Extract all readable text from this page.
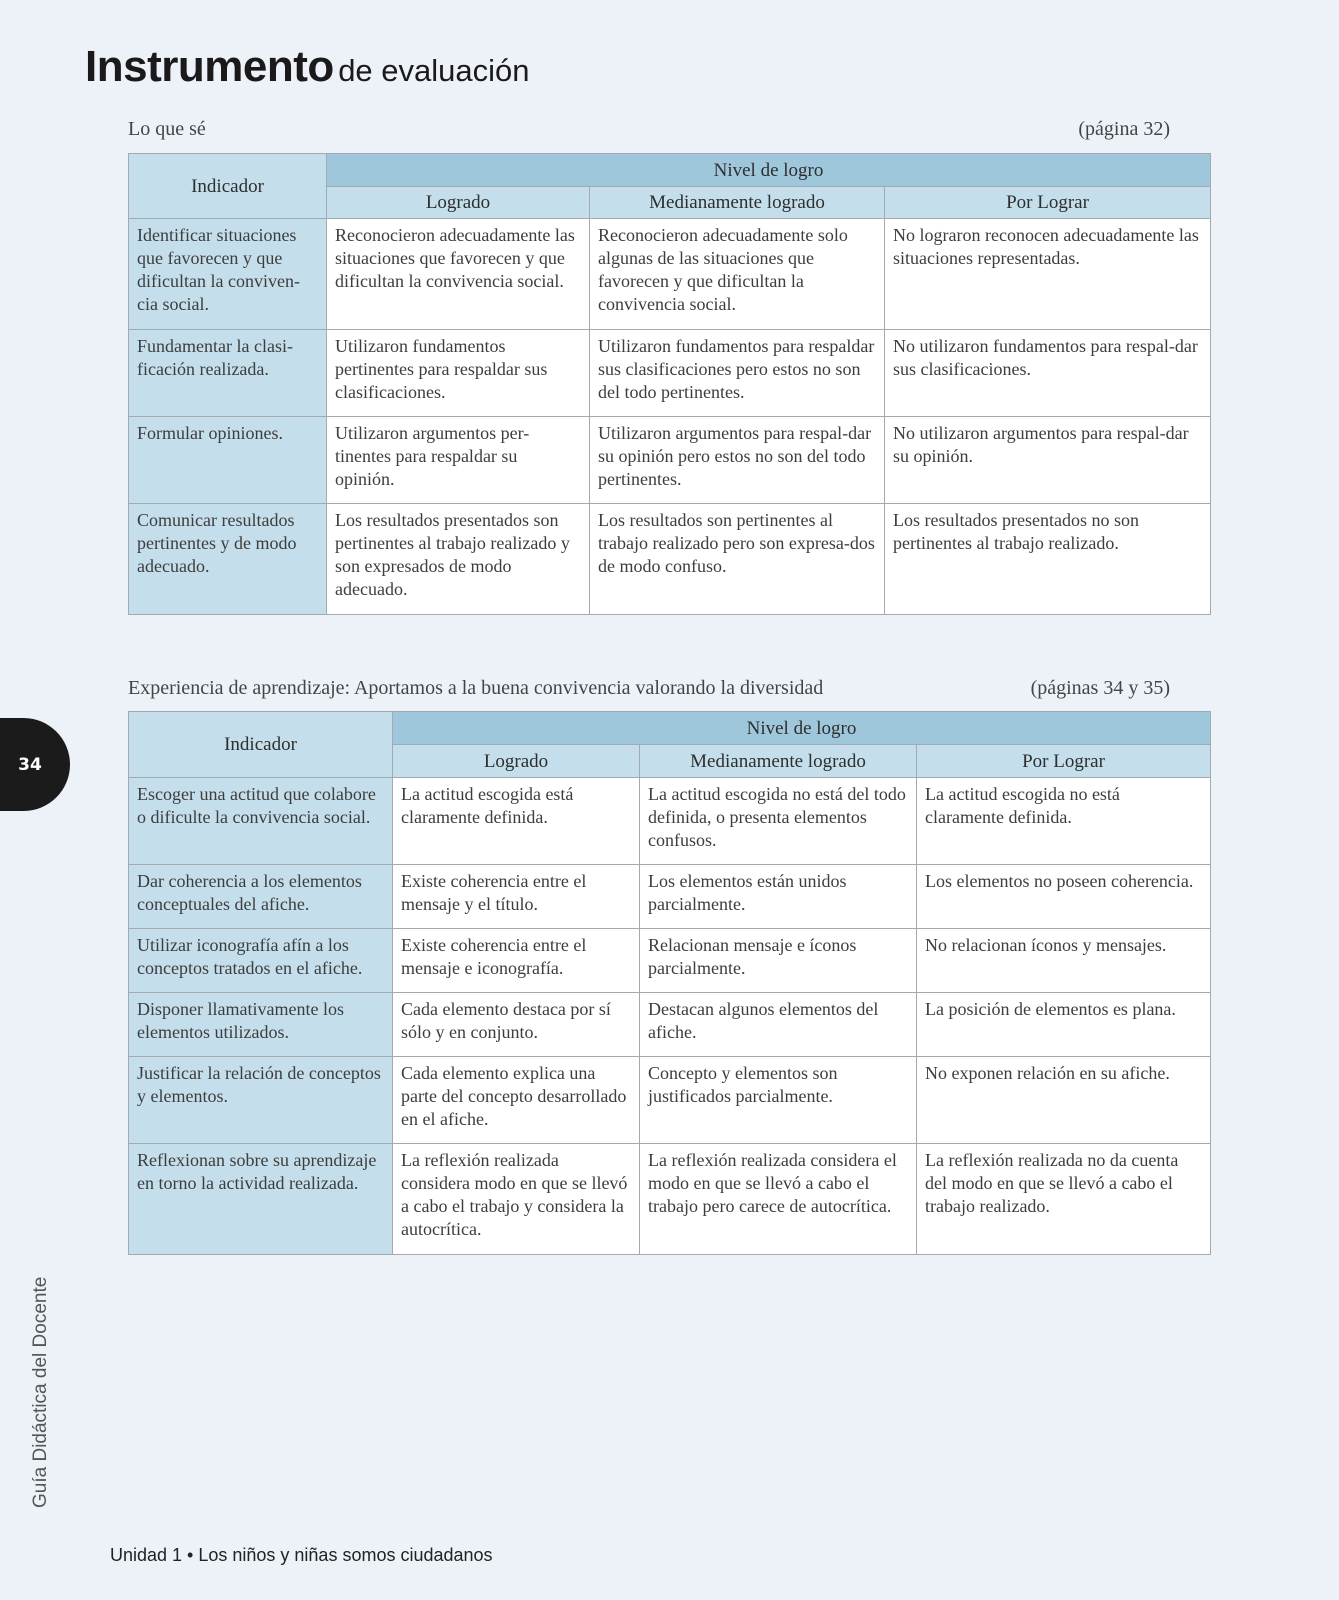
Instrumento de evaluación
Lo que sé	(página 32)
Indicador	Nivel de logro		
	Logrado	Medianamente logrado	Por Lograr
Identificar situaciones que favorecen y que dificultan la conviven-cia social.	Reconocieron adecuadamente las situaciones que favorecen y que dificultan la convivencia social.	Reconocieron adecuadamente solo algunas de las situaciones que favorecen y que dificultan la convivencia social.	No lograron reconocen adecuadamente las situaciones representadas.
Fundamentar la clasi-ficación realizada.	Utilizaron fundamentos pertinentes para respaldar sus clasificaciones.	Utilizaron fundamentos para respaldar sus clasificaciones pero estos no son del todo pertinentes.	No utilizaron fundamentos para respal-dar sus clasificaciones.
Formular opiniones.	Utilizaron argumentos per-tinentes para respaldar su opinión.	Utilizaron argumentos para respal-dar su opinión pero estos no son del todo pertinentes.	No utilizaron argumentos para respal-dar su opinión.
Comunicar resultados pertinentes y de modo adecuado.	Los resultados presentados son pertinentes al trabajo realizado y son expresados de modo adecuado.	Los resultados son pertinentes al trabajo realizado pero son expresa-dos de modo confuso.	Los resultados presentados no son pertinentes al trabajo realizado.
Experiencia de aprendizaje: Aportamos a la buena convivencia valorando la diversidad	(páginas 34 y 35)
Indicador	Nivel de logro		
	Logrado	Medianamente logrado	Por Lograr
Escoger una actitud que colabore o dificulte la convivencia social.	La actitud escogida está claramente definida.	La actitud escogida no está del todo definida, o presenta elementos confusos.	La actitud escogida no está claramente definida.
Dar coherencia a los elementos conceptuales del afiche.	Existe coherencia entre el mensaje y el título.	Los elementos están unidos parcialmente.	Los elementos no poseen coherencia.
Utilizar iconografía afín a los conceptos tratados en el afiche.	Existe coherencia entre el mensaje e iconografía.	Relacionan mensaje e íconos parcialmente.	No relacionan íconos y mensajes.
Disponer llamativamente los elementos utilizados.	Cada elemento destaca por sí sólo y en conjunto.	Destacan algunos elementos del afiche.	La posición de elementos es plana.
Justificar la relación de conceptos y elementos.	Cada elemento explica una parte del concepto desarrollado en el afiche.	Concepto y elementos son justificados parcialmente.	No exponen relación en su afiche.
Reflexionan sobre su aprendizaje en torno la actividad realizada.	La reflexión realizada considera modo en que se llevó a cabo el trabajo y considera la autocrítica.	La reflexión realizada considera el modo en que se llevó a cabo el trabajo pero carece de autocrítica.	La reflexión realizada no da cuenta del modo en que se llevó a cabo el trabajo realizado.
34
Guía Didáctica del Docente
Unidad 1 • Los niños y niñas somos ciudadanos
